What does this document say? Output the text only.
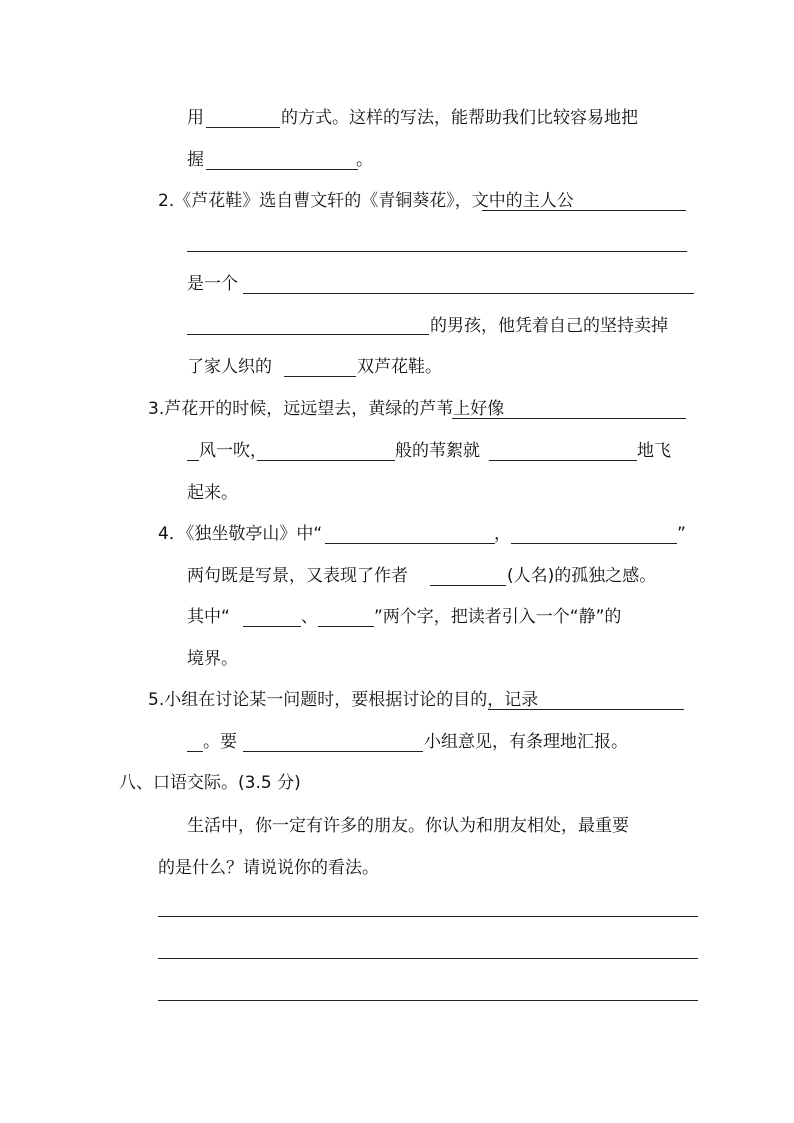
用	的方式。这样的写法，能帮助我们比较容易地把
握	。
2.《芦花鞋》选自曹文轩的《青铜葵花》，文中的主人公
是一个
的男孩，他凭着自己的坚持卖掉
了家人织的	双芦花鞋。
3.芦花开的时候，远远望去，黄绿的芦苇上好像
风一吹，	般的苇絮就	地飞
起来。
4．《独坐敬亭山》中“	，	”
两句既是写景，又表现了作者	(人名)的孤独之感。
其中“	、	”两个字，把读者引入一个“静”的
境界。
5.小组在讨论某一问题时，要根据讨论的目的，记录
。要	小组意见，有条理地汇报。
八、口语交际。(3.5 分)
生活中，你一定有许多的朋友。你认为和朋友相处，最重要
的是什么？请说说你的看法。
